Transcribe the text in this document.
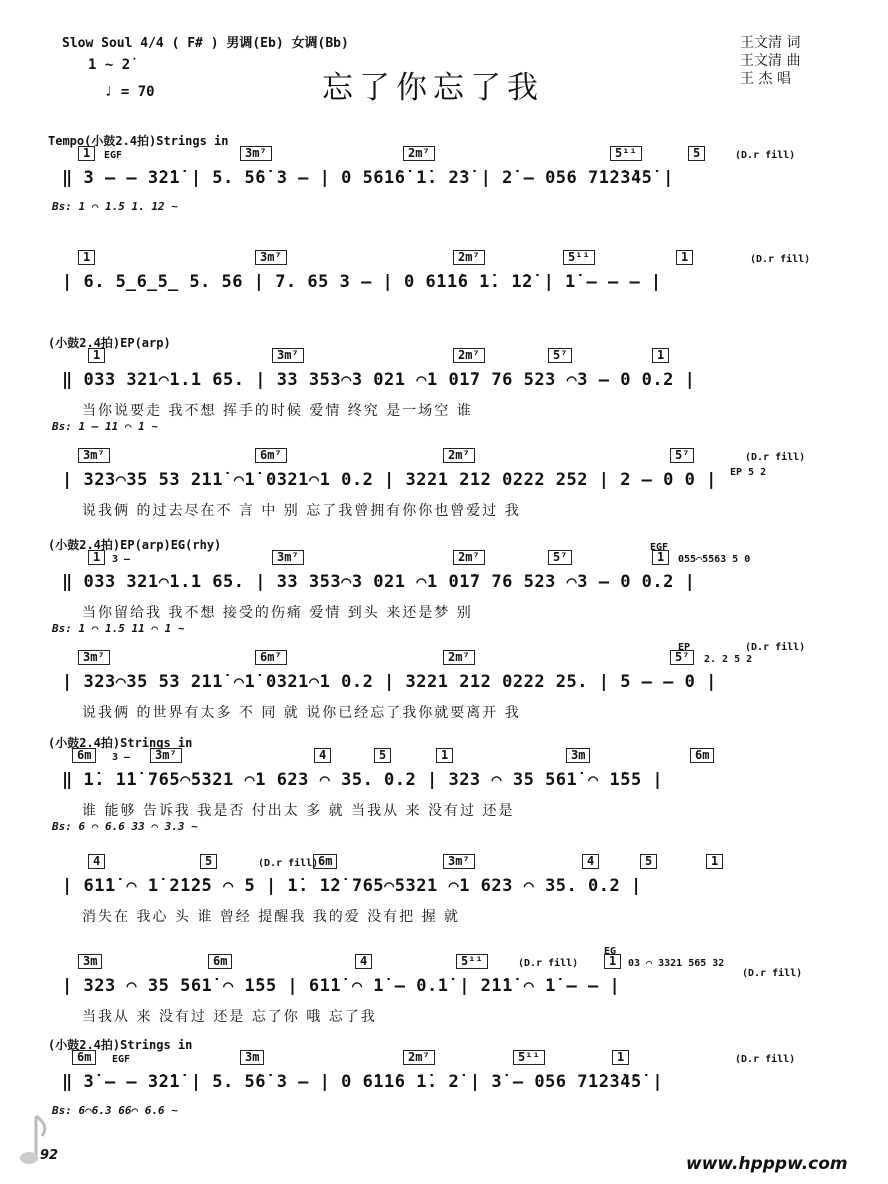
Slow Soul 4/4 ( F# ) 男调(Eb) 女调(Bb)
1 ~ 2̇
♩ = 70	忘了你忘了我
王文清 词
王文清 曲
王 杰 唱
Tempo(小鼓2.4拍)Strings in
1	3m⁷	2m⁷	5¹¹	5
EGF	(D.r fill)
‖ 3 – – 3̇2̇1̇ | 5. 5̇6̇ 3 – | 0 56̇1̇6̇ 1̇. 2̇3̇ | 2̇ – 056 7̇1̇2̇3̇4̇5̇ |
Bs: 1 ⌒ 1.5 1. 12 ~
1	3m⁷	2m⁷	5¹¹	1	(D.r fill)
| 6. 5̲6̲5̲ 5. 56 | 7. 65 3 – | 0 6̇1̇1̇6 1̇. 1̇2̇ | 1̇ – – – |
(小鼓2.4拍)EP(arp)
1	3m⁷	2m⁷	5⁷	1
‖ 033 321⌒1.1 65. | 33 353⌒3 021 ⌒1 01̇7 76 523 ⌒3 – 0 0.2 |
当你说要走 我不想 挥手的时候 爱情 终究 是一场空 谁
Bs: 1 – 11 ⌒ 1 ~
3m⁷	6m⁷	2m⁷	5⁷	(D.r fill)
EP 5 2
| 323⌒35 53 211̇ ⌒1̇ 0321⌒1 0.2 | 3221 212 0222 252 | 2 – 0 0 |
说我俩 的过去尽在不 言 中 别 忘了我曾拥有你你也曾爱过 我
(小鼓2.4拍)EP(arp)EG(rhy)
1	3m⁷	2m⁷	5⁷	1
3 –
EGF
055⌒5563 5 0
‖ 033 321⌒1.1 65. | 33 353⌒3 021 ⌒1 01̇7 76 523 ⌒3 – 0 0.2 |
当你留给我 我不想 接受的伤痛 爱情 到头 来还是梦 别
Bs: 1 ⌒ 1.5 11 ⌒ 1 ~
3m⁷	6m⁷	2m⁷	5⁷
EP	(D.r fill)
2. 2 5 2
| 323⌒35 53 211̇ ⌒1̇ 0321⌒1 0.2 | 3221 212 0222 25. | 5 – – 0 |
说我俩 的世界有太多 不 同 就 说你已经忘了我你就要离开 我
(小鼓2.4拍)Strings in
6m	3m⁷	4	5	1	3m	6m
3 –
‖ 1̇. 1̇1̇ 765⌒5321 ⌒1 623 ⌒ 35. 0.2 | 323 ⌒ 35 561̇ ⌒ 1̇55 |
谁 能够 告诉我 我是否 付出太 多 就 当我从 来 没有过 还是
Bs: 6 ⌒ 6.6 33 ⌒ 3.3 ~
4	5	6m	3m⁷	4	5	1
(D.r fill)
| 61̇1̇ ⌒ 1̇ 2̇1̇2̇5 ⌒ 5 | 1̇. 1̇2̇ 765⌒5321 ⌒1 623 ⌒ 35. 0.2 |
消失在 我心 头 谁 曾经 提醒我 我的爱 没有把 握 就
3m	6m	4	5¹¹	1
(D.r fill)
EG
03 ⌒ 3321 565 32
(D.r fill)
| 323 ⌒ 35 561̇ ⌒ 1̇55 | 61̇1̇ ⌒ 1̇ – 0.1̇ | 2̇1̇1̇ ⌒ 1̇ – – |
当我从 来 没有过 还是 忘了你 哦 忘了我
(小鼓2.4拍)Strings in
6m	3m	2m⁷	5¹¹	1
EGF	(D.r fill)
‖ 3̇ – – 3̇2̇1̇ | 5. 5̇6̇ 3 – | 0 6̇1̇1̇6 1̇. 2̇ | 3̇ – 056 7̇1̇2̇3̇4̇5̇ |
Bs: 6⌒6.3 66⌒ 6.6 ~
92	www.hpppw.com
